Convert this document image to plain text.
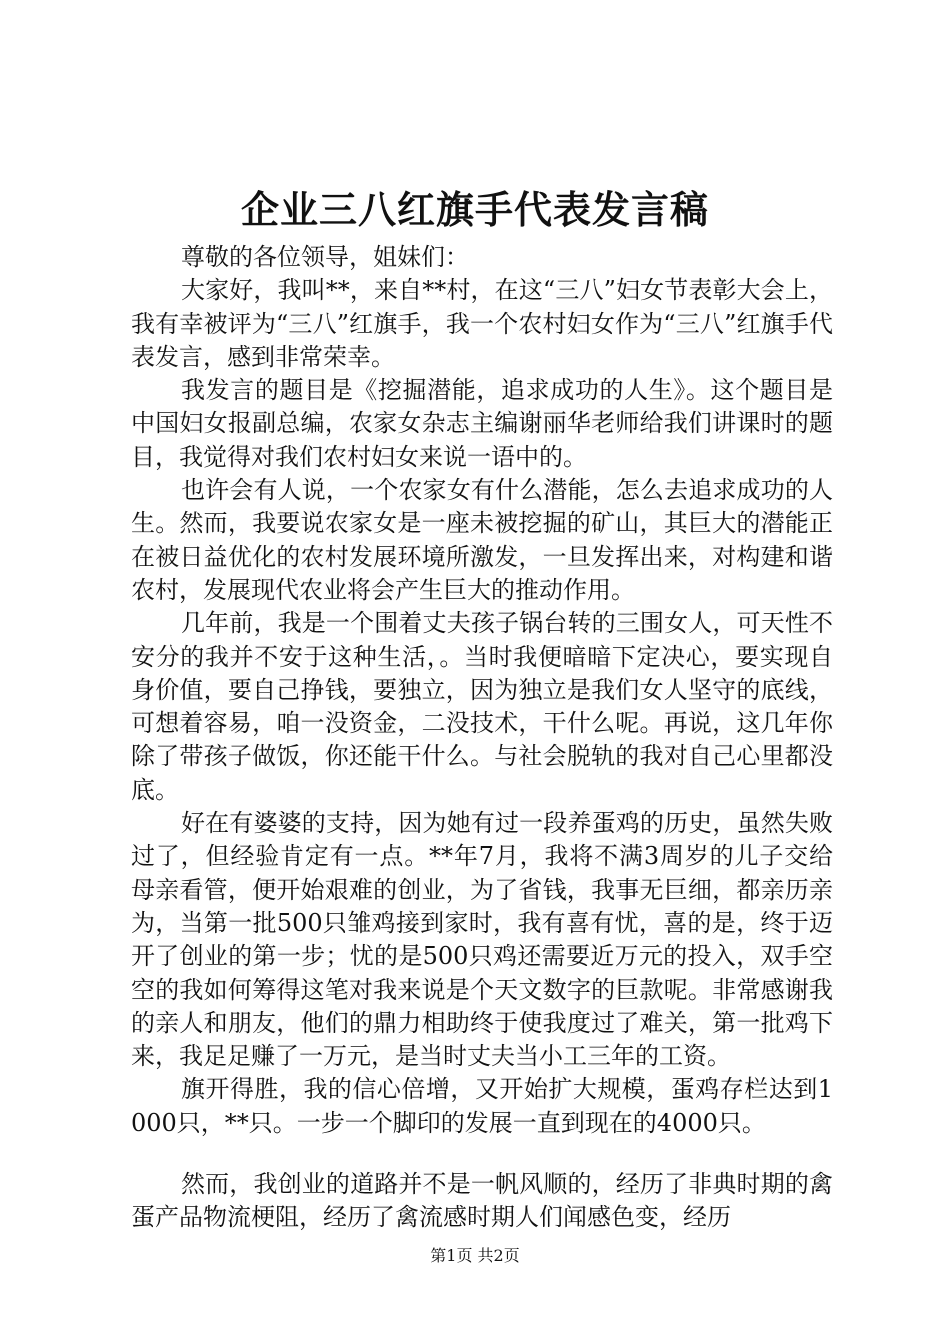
企业三八红旗手代表发言稿

尊敬的各位领导，姐妹们：

大家好，我叫**，来自**村，在这“三八”妇女节表彰大会上，我有幸被评为“三八”红旗手，我一个农村妇女作为“三八”红旗手代表发言，感到非常荣幸。

我发言的题目是《挖掘潜能，追求成功的人生》。这个题目是中国妇女报副总编，农家女杂志主编谢丽华老师给我们讲课时的题目，我觉得对我们农村妇女来说一语中的。

也许会有人说，一个农家女有什么潜能，怎么去追求成功的人生。然而，我要说农家女是一座未被挖掘的矿山，其巨大的潜能正在被日益优化的农村发展环境所激发，一旦发挥出来，对构建和谐农村，发展现代农业将会产生巨大的推动作用。

几年前，我是一个围着丈夫孩子锅台转的三围女人，可天性不安分的我并不安于这种生活，。当时我便暗暗下定决心，要实现自身价值，要自己挣钱，要独立，因为独立是我们女人坚守的底线，可想着容易，咱一没资金，二没技术，干什么呢。再说，这几年你除了带孩子做饭，你还能干什么。与社会脱轨的我对自己心里都没底。

好在有婆婆的支持，因为她有过一段养蛋鸡的历史，虽然失败过了，但经验肯定有一点。**年7月，我将不满3周岁的儿子交给母亲看管，便开始艰难的创业，为了省钱，我事无巨细，都亲历亲为，当第一批500只雏鸡接到家时，我有喜有忧，喜的是，终于迈开了创业的第一步；忧的是500只鸡还需要近万元的投入，双手空空的我如何筹得这笔对我来说是个天文数字的巨款呢。非常感谢我的亲人和朋友，他们的鼎力相助终于使我度过了难关，第一批鸡下来，我足足赚了一万元，是当时丈夫当小工三年的工资。

旗开得胜，我的信心倍增，又开始扩大规模，蛋鸡存栏达到1000只，**只。一步一个脚印的发展一直到现在的4000只。

然而，我创业的道路并不是一帆风顺的，经历了非典时期的禽蛋产品物流梗阻，经历了禽流感时期人们闻感色变，经历

第1页 共2页
